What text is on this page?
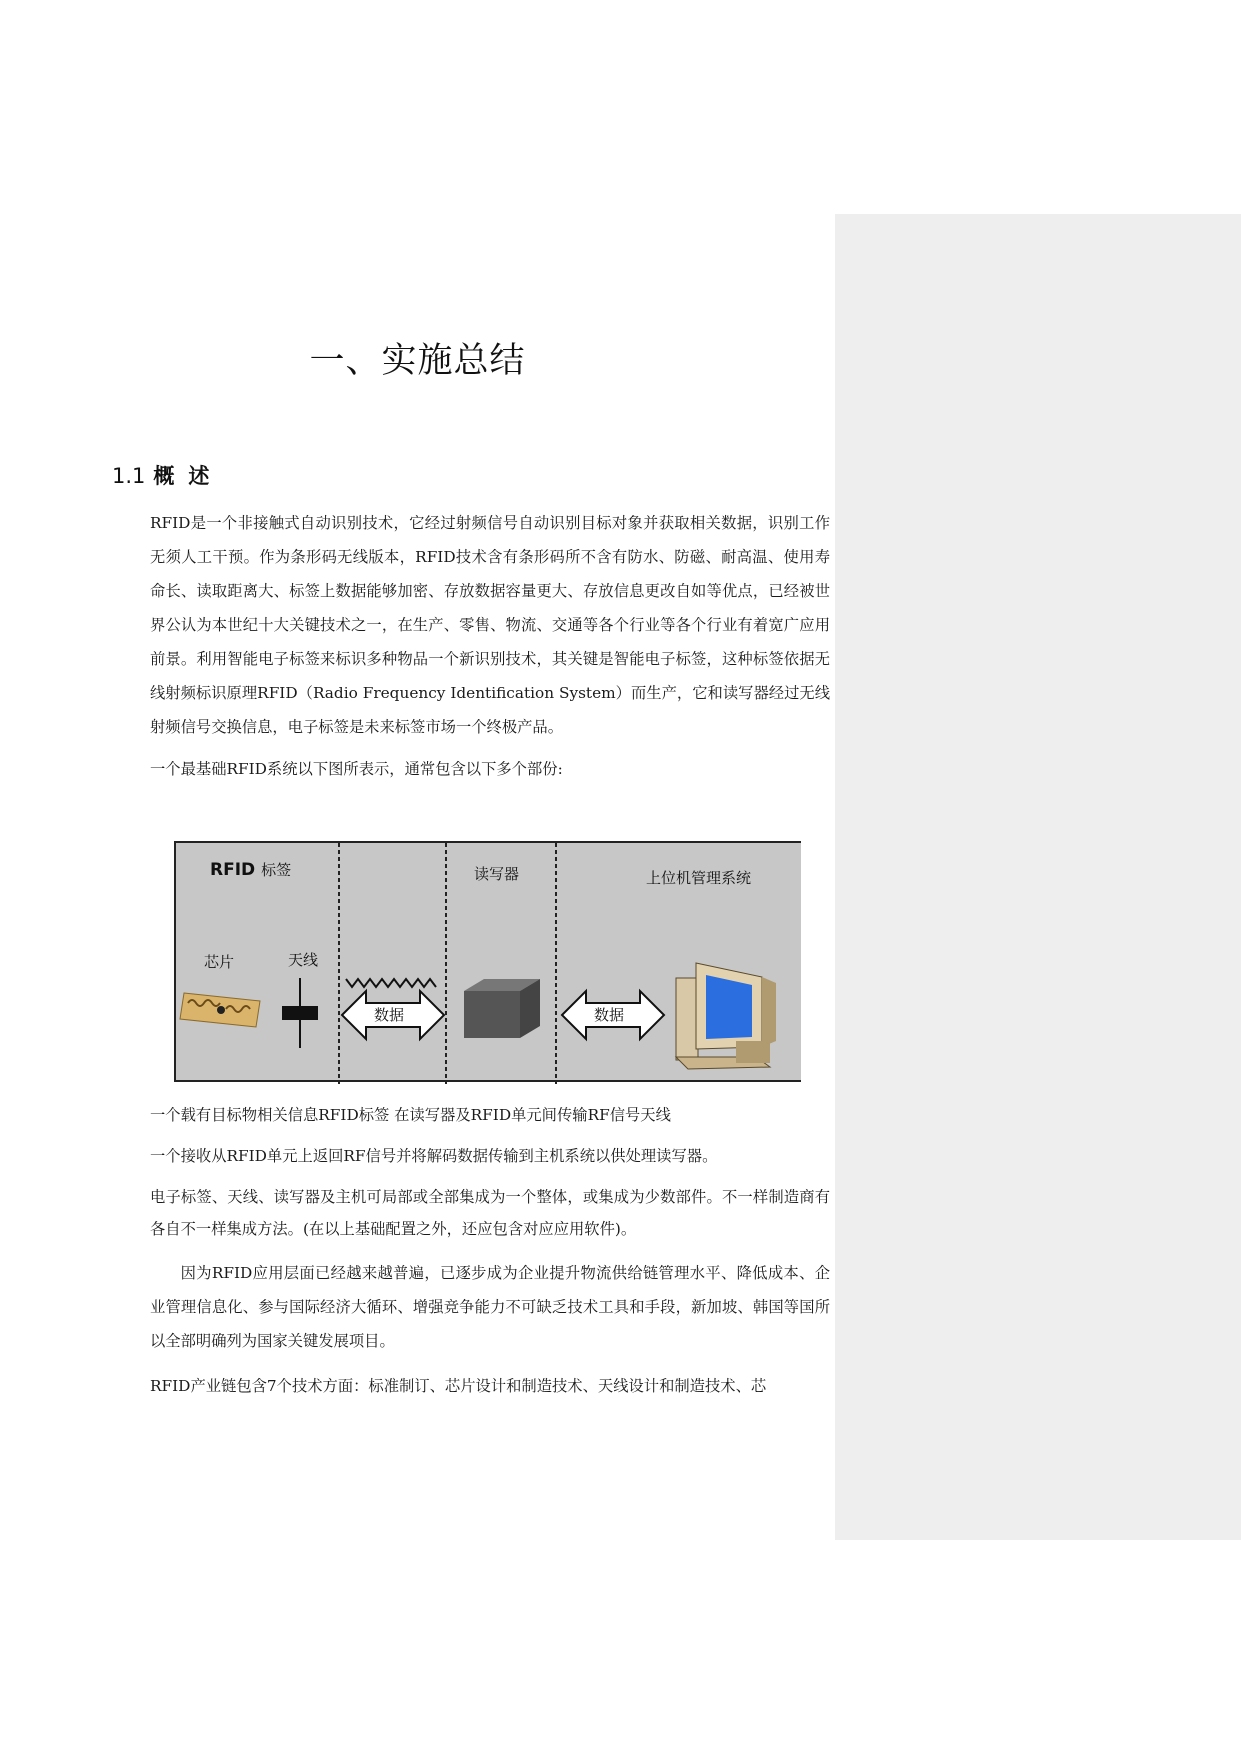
一、实施总结
1.1 概述
RFID是一个非接触式自动识别技术，它经过射频信号自动识别目标对象并获取相关数据，识别工作无须人工干预。作为条形码无线版本，RFID技术含有条形码所不含有防水、防磁、耐高温、使用寿命长、读取距离大、标签上数据能够加密、存放数据容量更大、存放信息更改自如等优点，已经被世界公认为本世纪十大关键技术之一，在生产、零售、物流、交通等各个行业等各个行业有着宽广应用前景。利用智能电子标签来标识多种物品一个新识别技术，其关键是智能电子标签，这种标签依据无线射频标识原理RFID（Radio Frequency Identification System）而生产，它和读写器经过无线射频信号交换信息，电子标签是未来标签市场一个终极产品。
一个最基础RFID系统以下图所表示，通常包含以下多个部份:
RFID 标签	读写器	上位机管理系统
芯片	天线
数据	数据
一个载有目标物相关信息RFID标签 在读写器及RFID单元间传输RF信号天线
一个接收从RFID单元上返回RF信号并将解码数据传输到主机系统以供处理读写器。
电子标签、天线、读写器及主机可局部或全部集成为一个整体，或集成为少数部件。不一样制造商有各自不一样集成方法。(在以上基础配置之外，还应包含对应应用软件)。
因为RFID应用层面已经越来越普遍，已逐步成为企业提升物流供给链管理水平、降低成本、企业管理信息化、参与国际经济大循环、增强竞争能力不可缺乏技术工具和手段，新加坡、韩国等国所以全部明确列为国家关键发展项目。
RFID产业链包含7个技术方面：标准制订、芯片设计和制造技术、天线设计和制造技术、芯
